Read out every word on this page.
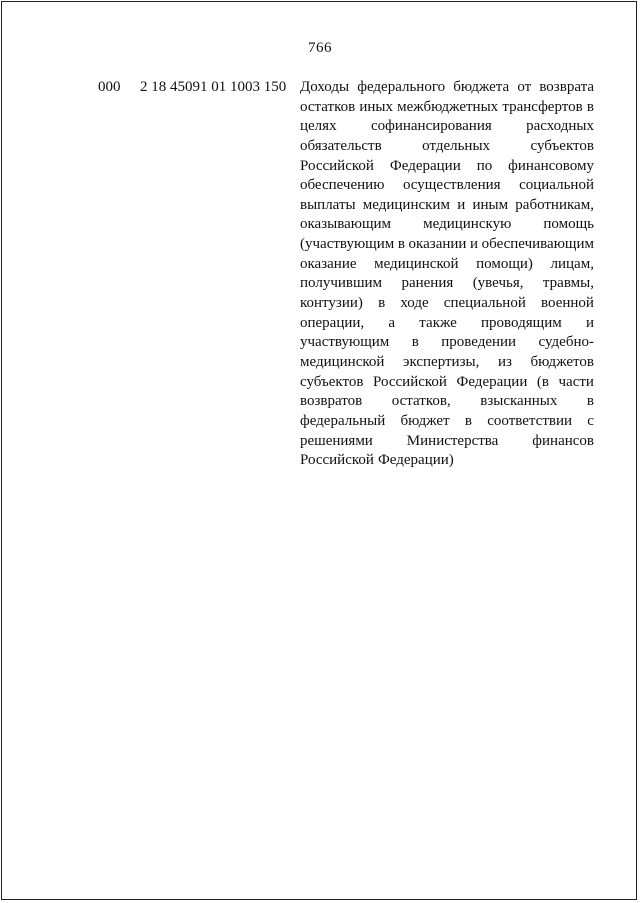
766
000 2 18 45091 01 1003 150 Доходы федерального бюджета от возврата
остатков иных межбюджетных трансфертов в
целях софинансирования расходных
обязательств	отдельных	субъектов
Российской Федерации по финансовому
обеспечению осуществления социальной
выплаты медицинским и иным работникам,
оказывающим медицинскую помощь
(участвующим в оказании и обеспечивающим
оказание медицинской помощи) лицам,
получившим ранения (увечья, травмы,
контузии) в ходе специальной военной
операции, а также проводящим и
участвующим в проведении судебно-
медицинской экспертизы, из бюджетов
субъектов Российской Федерации (в части
возвратов остатков, взысканных в
федеральный бюджет в соответствии с
решениями Министерства финансов
Российской Федерации)
